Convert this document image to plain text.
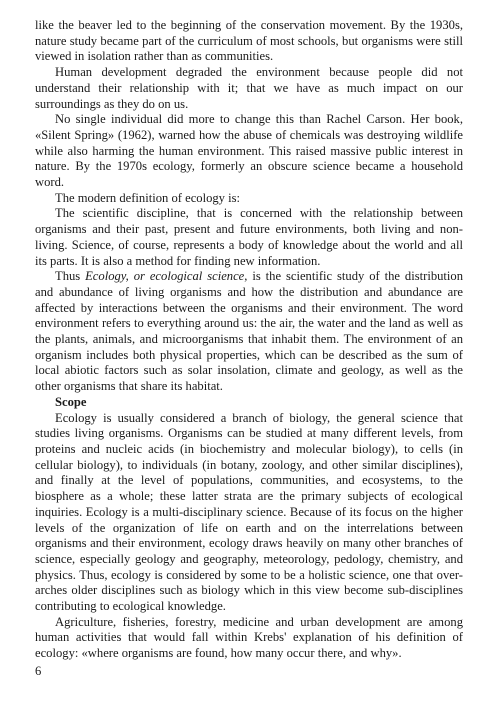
like the beaver led to the beginning of the conservation movement. By the 1930s, nature study became part of the curriculum of most schools, but organisms were still viewed in isolation rather than as communities.

Human development degraded the environment because people did not understand their relationship with it; that we have as much impact on our surroundings as they do on us.

No single individual did more to change this than Rachel Carson. Her book, «Silent Spring» (1962), warned how the abuse of chemicals was destroying wildlife while also harming the human environment. This raised massive public interest in nature. By the 1970s ecology, formerly an obscure science became a household word.

The modern definition of ecology is:

The scientific discipline, that is concerned with the relationship between organisms and their past, present and future environments, both living and non-living. Science, of course, represents a body of knowledge about the world and all its parts. It is also a method for finding new information.

Thus Ecology, or ecological science, is the scientific study of the distribution and abundance of living organisms and how the distribution and abundance are affected by interactions between the organisms and their environment. The word environment refers to everything around us: the air, the water and the land as well as the plants, animals, and microorganisms that inhabit them. The environment of an organism includes both physical properties, which can be described as the sum of local abiotic factors such as solar insolation, climate and geology, as well as the other organisms that share its habitat.

Scope

Ecology is usually considered a branch of biology, the general science that studies living organisms. Organisms can be studied at many different levels, from proteins and nucleic acids (in biochemistry and molecular biology), to cells (in cellular biology), to individuals (in botany, zoology, and other similar disciplines), and finally at the level of populations, communities, and ecosystems, to the biosphere as a whole; these latter strata are the primary subjects of ecological inquiries. Ecology is a multi-disciplinary science. Because of its focus on the higher levels of the organization of life on earth and on the interrelations between organisms and their environment, ecology draws heavily on many other branches of science, especially geology and geography, meteorology, pedology, chemistry, and physics. Thus, ecology is considered by some to be a holistic science, one that over-arches older disciplines such as biology which in this view become sub-disciplines contributing to ecological knowledge.

Agriculture, fisheries, forestry, medicine and urban development are among human activities that would fall within Krebs' explanation of his definition of ecology: «where organisms are found, how many occur there, and why».

6
